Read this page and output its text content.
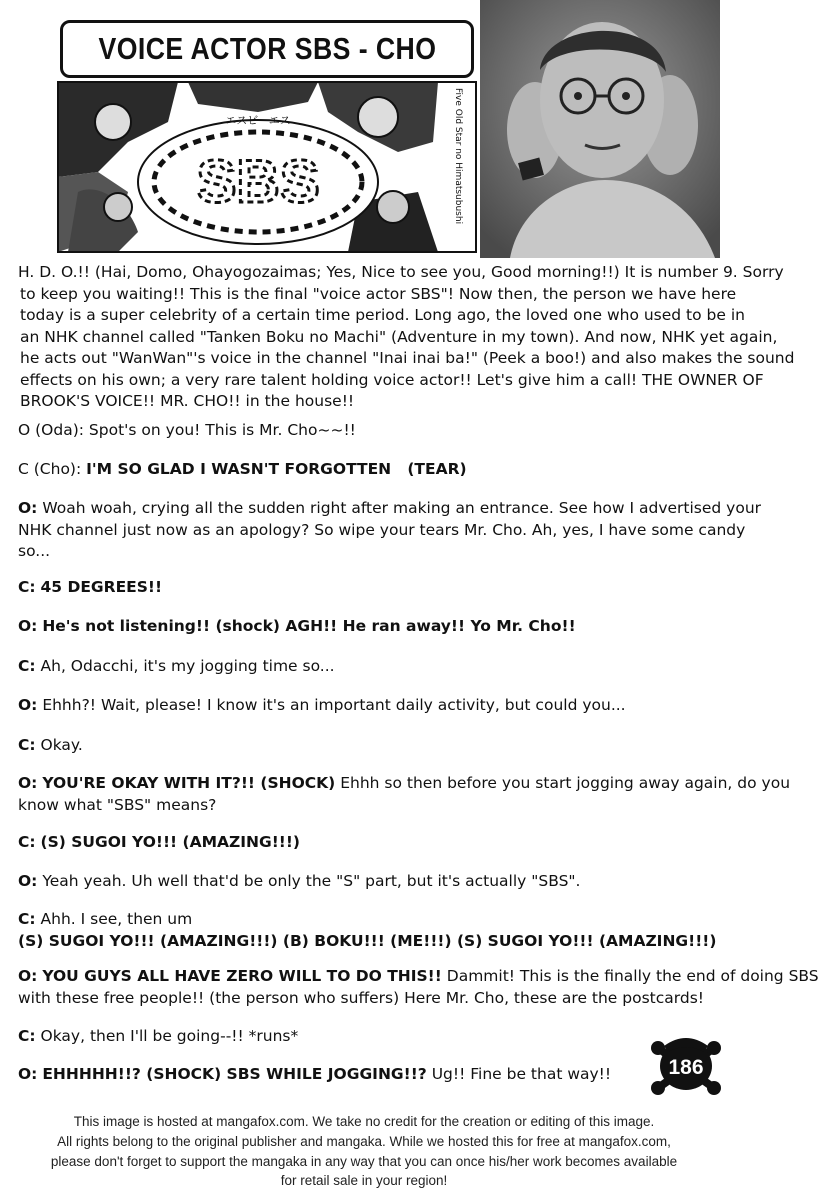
VOICE ACTOR SBS - CHO
SBS
エスビーエス	Five Old Star no Himatsubushi

H. D. O.!! (Hai, Domo, Ohayogozaimas; Yes, Nice to see you, Good morning!!) It is number 9. Sorry

to keep you waiting!! This is the final "voice actor SBS"! Now then, the person we have here

today is a super celebrity of a certain time period. Long ago, the loved one who used to be in

an NHK channel called "Tanken Boku no Machi" (Adventure in my town). And now, NHK yet again,

he acts out "WanWan"'s voice in the channel "Inai inai ba!" (Peek a boo!) and also makes the sound

effects on his own; a very rare talent holding voice actor!! Let's give him a call! THE OWNER OF

BROOK'S VOICE!! MR. CHO!! in the house!!

O (Oda): Spot's on you! This is Mr. Cho~~!!

C (Cho): I'M SO GLAD I WASN'T FORGOTTEN   (TEAR)

O: Woah woah, crying all the sudden right after making an entrance. See how I advertised your

NHK channel just now as an apology? So wipe your tears Mr. Cho. Ah, yes, I have some candy

so...

C: 45 DEGREES!!

O: He's not listening!! (shock) AGH!! He ran away!! Yo Mr. Cho!!

C: Ah, Odacchi, it's my jogging time so...

O: Ehhh?! Wait, please! I know it's an important daily activity, but could you...

C: Okay.

O: YOU'RE OKAY WITH IT?!! (SHOCK) Ehhh so then before you start jogging away again, do you

know what "SBS" means?

C: (S) SUGOI YO!!! (AMAZING!!!)

O: Yeah yeah. Uh well that'd be only the "S" part, but it's actually "SBS".

C: Ahh. I see, then um

(S) SUGOI YO!!! (AMAZING!!!) (B) BOKU!!! (ME!!!) (S) SUGOI YO!!! (AMAZING!!!)

O: YOU GUYS ALL HAVE ZERO WILL TO DO THIS!! Dammit! This is the finally the end of doing SBS

with these free people!! (the person who suffers) Here Mr. Cho, these are the postcards!

C: Okay, then I'll be going--!! *runs*

O: EHHHHH!!? (SHOCK) SBS WHILE JOGGING!!? Ug!! Fine be that way!!	186
This image is hosted at mangafox.com. We take no credit for the creation or editing of this image.
All rights belong to the original publisher and mangaka. While we hosted this for free at mangafox.com,
please don't forget to support the mangaka in any way that you can once his/her work becomes available
for retail sale in your region!
